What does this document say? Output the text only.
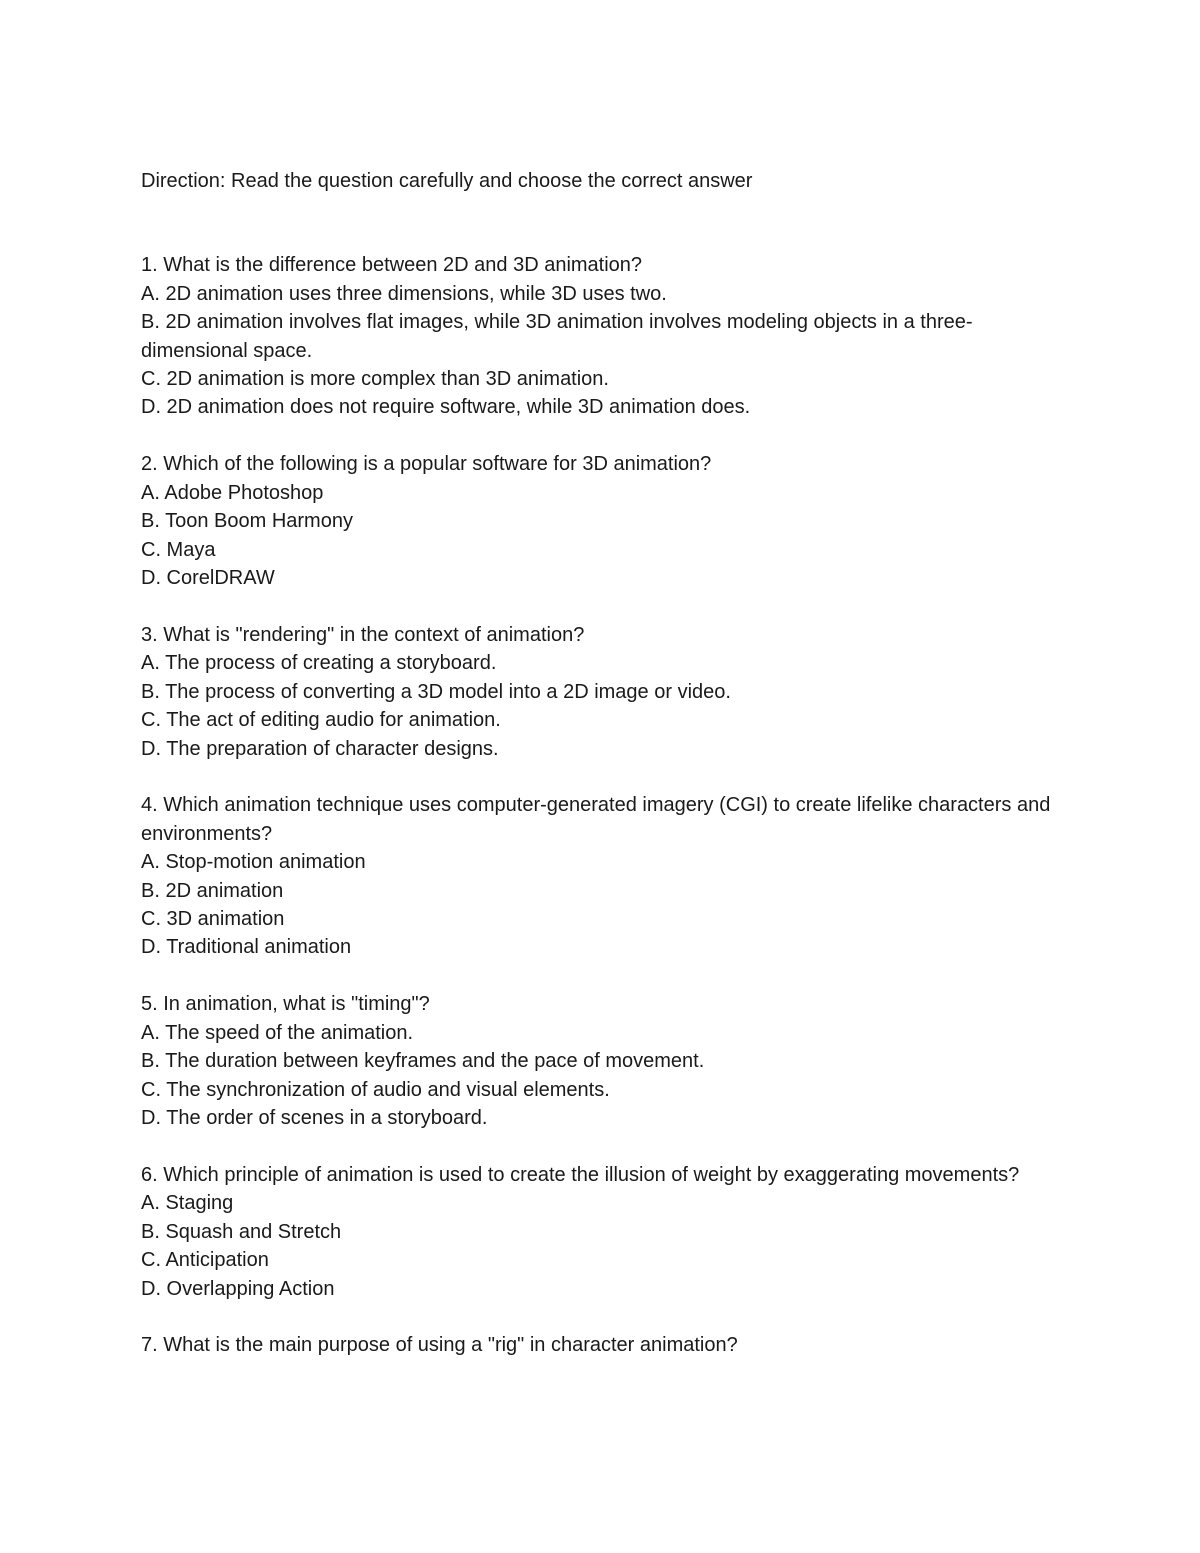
Direction: Read the question carefully and choose the correct answer
1. What is the difference between 2D and 3D animation?
A. 2D animation uses three dimensions, while 3D uses two.
B. 2D animation involves flat images, while 3D animation involves modeling objects in a three-dimensional space.
C. 2D animation is more complex than 3D animation.
D. 2D animation does not require software, while 3D animation does.
2. Which of the following is a popular software for 3D animation?
A. Adobe Photoshop
B. Toon Boom Harmony
C. Maya
D. CorelDRAW
3. What is "rendering" in the context of animation?
A. The process of creating a storyboard.
B. The process of converting a 3D model into a 2D image or video.
C. The act of editing audio for animation.
D. The preparation of character designs.
4. Which animation technique uses computer-generated imagery (CGI) to create lifelike characters and environments?
A. Stop-motion animation
B. 2D animation
C. 3D animation
D. Traditional animation
5. In animation, what is "timing"?
A. The speed of the animation.
B. The duration between keyframes and the pace of movement.
C. The synchronization of audio and visual elements.
D. The order of scenes in a storyboard.
6. Which principle of animation is used to create the illusion of weight by exaggerating movements?
A. Staging
B. Squash and Stretch
C. Anticipation
D. Overlapping Action
7. What is the main purpose of using a "rig" in character animation?
